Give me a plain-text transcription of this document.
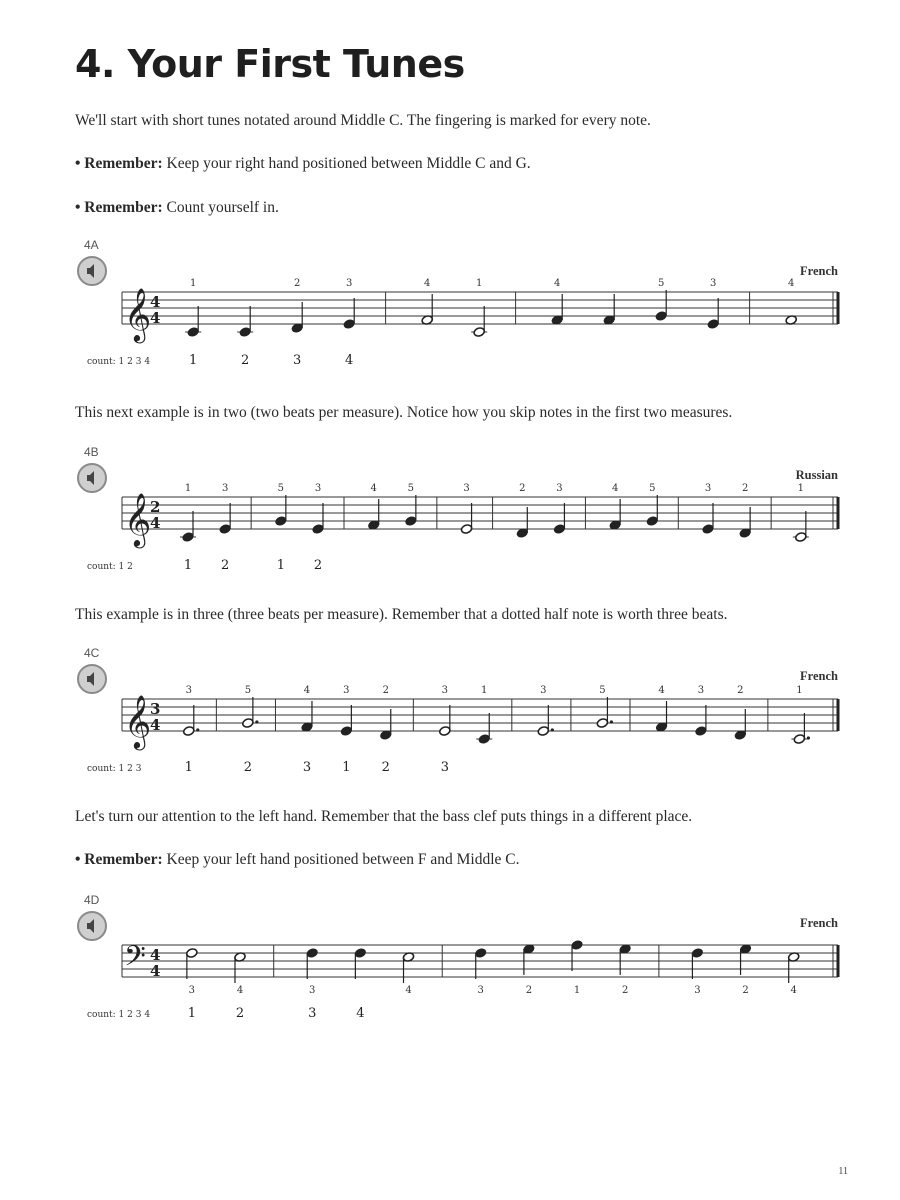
4. Your First Tunes

We'll start with short tunes notated around Middle C. The fingering is marked for every note.

• Remember: Keep your right hand positioned between Middle C and G.

• Remember: Count yourself in.

4A
French
𝄞
4
4
1	2	3	4	1	4	5	3	4
count: 1 2 3 4	1	2	3	4

This next example is in two (two beats per measure). Notice how you skip notes in the first two measures.

4B
Russian
𝄞
2
4
1	3	5	3	4	5	3	2	3	4	5	3	2	1
count: 1 2	1 2	1 2

This example is in three (three beats per measure). Remember that a dotted half note is worth three beats.

4C
French
𝄞
3
4
3	5	4	3	2	3	1	3	5	4	3	2	1
count: 1 2 3	1	2	3 1 2	3

Let's turn our attention to the left hand. Remember that the bass clef puts things in a different place.

• Remember: Keep your left hand positioned between F and Middle C.

4D
French
𝄢 4
4
3	4	3	4	3	2	1	2	3	2	4
count: 1 2 3 4	1	2	3	4
11
